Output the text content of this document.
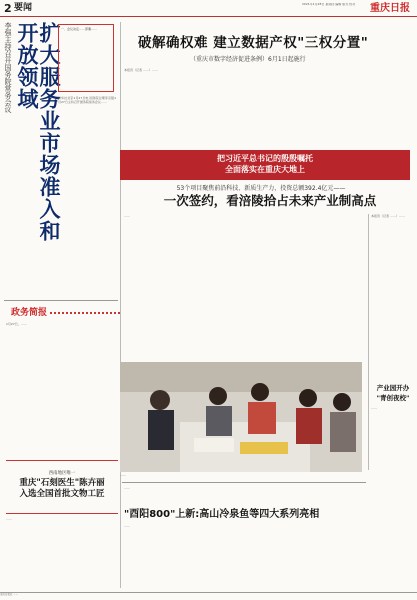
2 要闻	2021年1月28日 星期四 编辑 版式 校对	重庆日报
李强主持召开国务院常务会议	扩大服务业市场准入和开放领域	一、会议决定……部署……
新华社北京1月27日电 国务院总理李克强1月27日主持召开国务院常务会议……
政务简报
1月27日，……
西南地区唯一
重庆"石刻医生"陈卉丽
入选全国首批文物工匠
……
破解确权难 建立数据产权"三权分置"
（重庆市数字经济促进条例）6月1日起施行
本报讯（记者 ……）……
把习近平总书记的殷殷嘱托
全面落实在重庆大地上
53个项目聚焦前沿科技、新质生产力，投资总额392.4亿元——
一次签约，看涪陵拾占未来产业制高点
……
……
本报讯（记者 ……）……
产业园开办
"青创夜校"
……
……
"酉阳800"上新:高山冷泉鱼等四大系列亮相
……
重庆日报社 ……
